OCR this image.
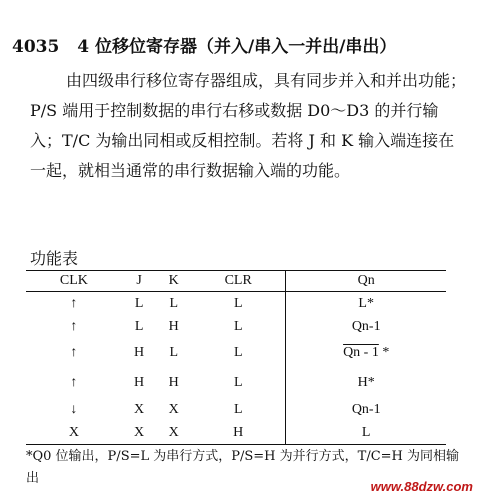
4035 4 位移位寄存器（并入/串入一并出/串出）
由四级串行移位寄存器组成，具有同步并入和并出功能；P/S 端用于控制数据的串行右移或数据 D0～D3 的并行输入；T/C 为输出同相或反相控制。若将 J 和 K 输入端连接在一起，就相当通常的串行数据输入端的功能。
功能表
CLK	J	K	CLR	Qn
↑	L	L	L	L*
↑	L	H	L	Qn-1
↑	H	L	L	Qn - 1 *
↑	H	H	L	H*
↓	X	X	L	Qn-1
X	X	X	H	L
*Q0 位输出，P/S=L 为串行方式，P/S=H 为并行方式，T/C=H 为同相输出
www.88dzw.com
